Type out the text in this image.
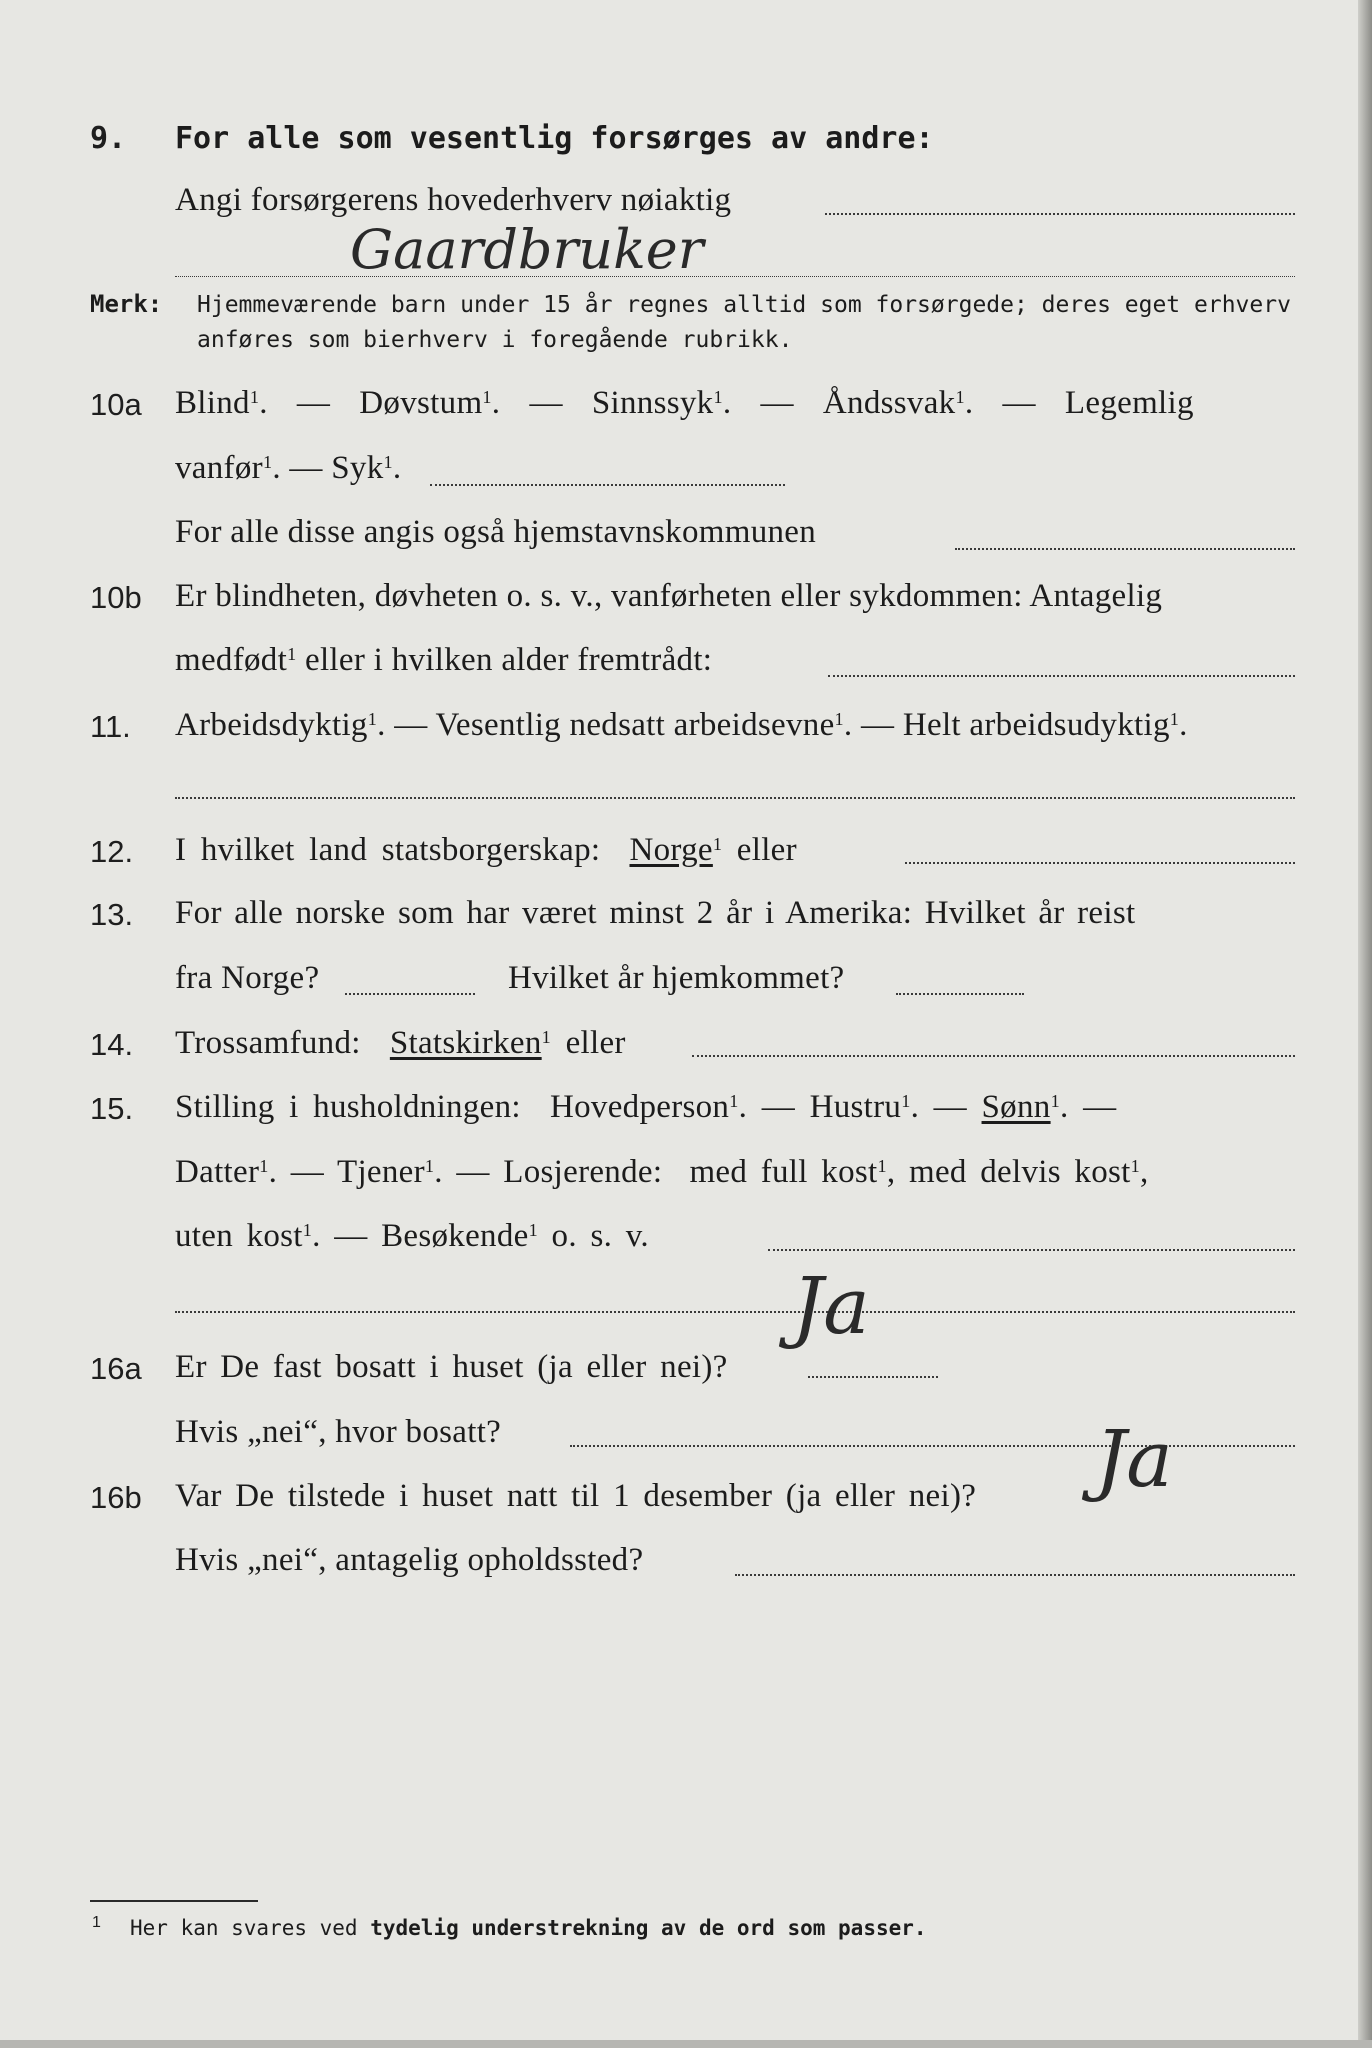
9. For alle som vesentlig forsørges av andre:
Angi forsørgerens hovederhverv nøiaktig
Gaardbruker
Merk: Hjemmeværende barn under 15 år regnes alltid som forsørgede; deres eget erhverv
anføres som bierhverv i foregående rubrikk.
10a Blind$^1$.  —  Døvstum$^1$.  —  Sinnssyk$^1$.  —  Åndssvak$^1$.  —  Legemlig
vanfør$^1$. — Syk$^1$.
For alle disse angis også hjemstavnskommunen
10b Er blindheten, døvheten o. s. v., vanførheten eller sykdommen: Antagelig
medfødt$^1$ eller i hvilken alder fremtrådt:
11. Arbeidsdyktig$^1$. — Vesentlig nedsatt arbeidsevne$^1$. — Helt arbeidsudyktig$^1$.
12. I hvilket land statsborgerskap: Norge$^1$ eller
13. For alle norske som har været minst 2 år i Amerika: Hvilket år reist
fra Norge?	Hvilket år hjemkommet?
14. Trossamfund: Statskirken$^1$ eller
15. Stilling i husholdningen: Hovedperson$^1$. — Hustru$^1$. — Sønn$^1$. —
Datter$^1$. — Tjener$^1$. — Losjerende: med full kost$^1$, med delvis kost$^1$,
uten kost$^1$. — Besøkende$^1$ o. s. v.
16a Er De fast bosatt i huset (ja eller nei)?
Ja
Hvis „nei“, hvor bosatt?
16b Var De tilstede i huset natt til 1 desember (ja eller nei)? Ja
Hvis „nei“, antagelig opholdssted?
1 Her kan svares ved tydelig understrekning av de ord som passer.
